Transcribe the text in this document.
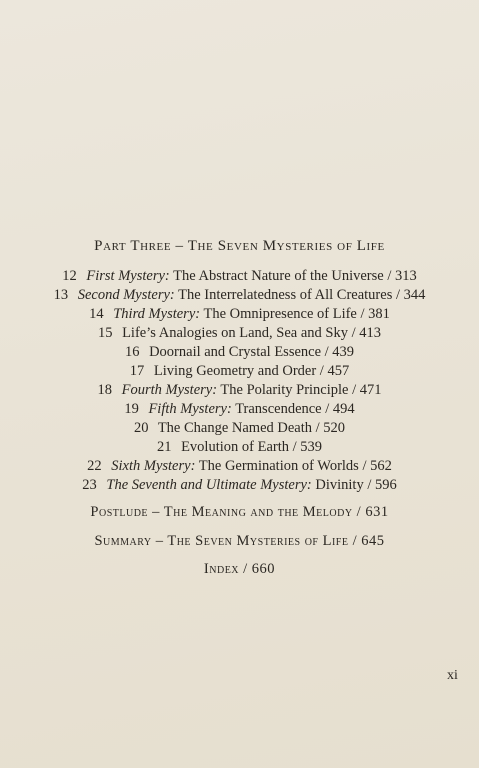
Part Three – The Seven Mysteries of Life
12 First Mystery: The Abstract Nature of the Universe / 313
13 Second Mystery: The Interrelatedness of All Creatures / 344
14 Third Mystery: The Omnipresence of Life / 381
15 Life’s Analogies on Land, Sea and Sky / 413
16 Doornail and Crystal Essence / 439
17 Living Geometry and Order / 457
18 Fourth Mystery: The Polarity Principle / 471
19 Fifth Mystery: Transcendence / 494
20 The Change Named Death / 520
21 Evolution of Earth / 539
22 Sixth Mystery: The Germination of Worlds / 562
23 The Seventh and Ultimate Mystery: Divinity / 596
Postlude – The Meaning and the Melody / 631
Summary – The Seven Mysteries of Life / 645
Index / 660
xi
